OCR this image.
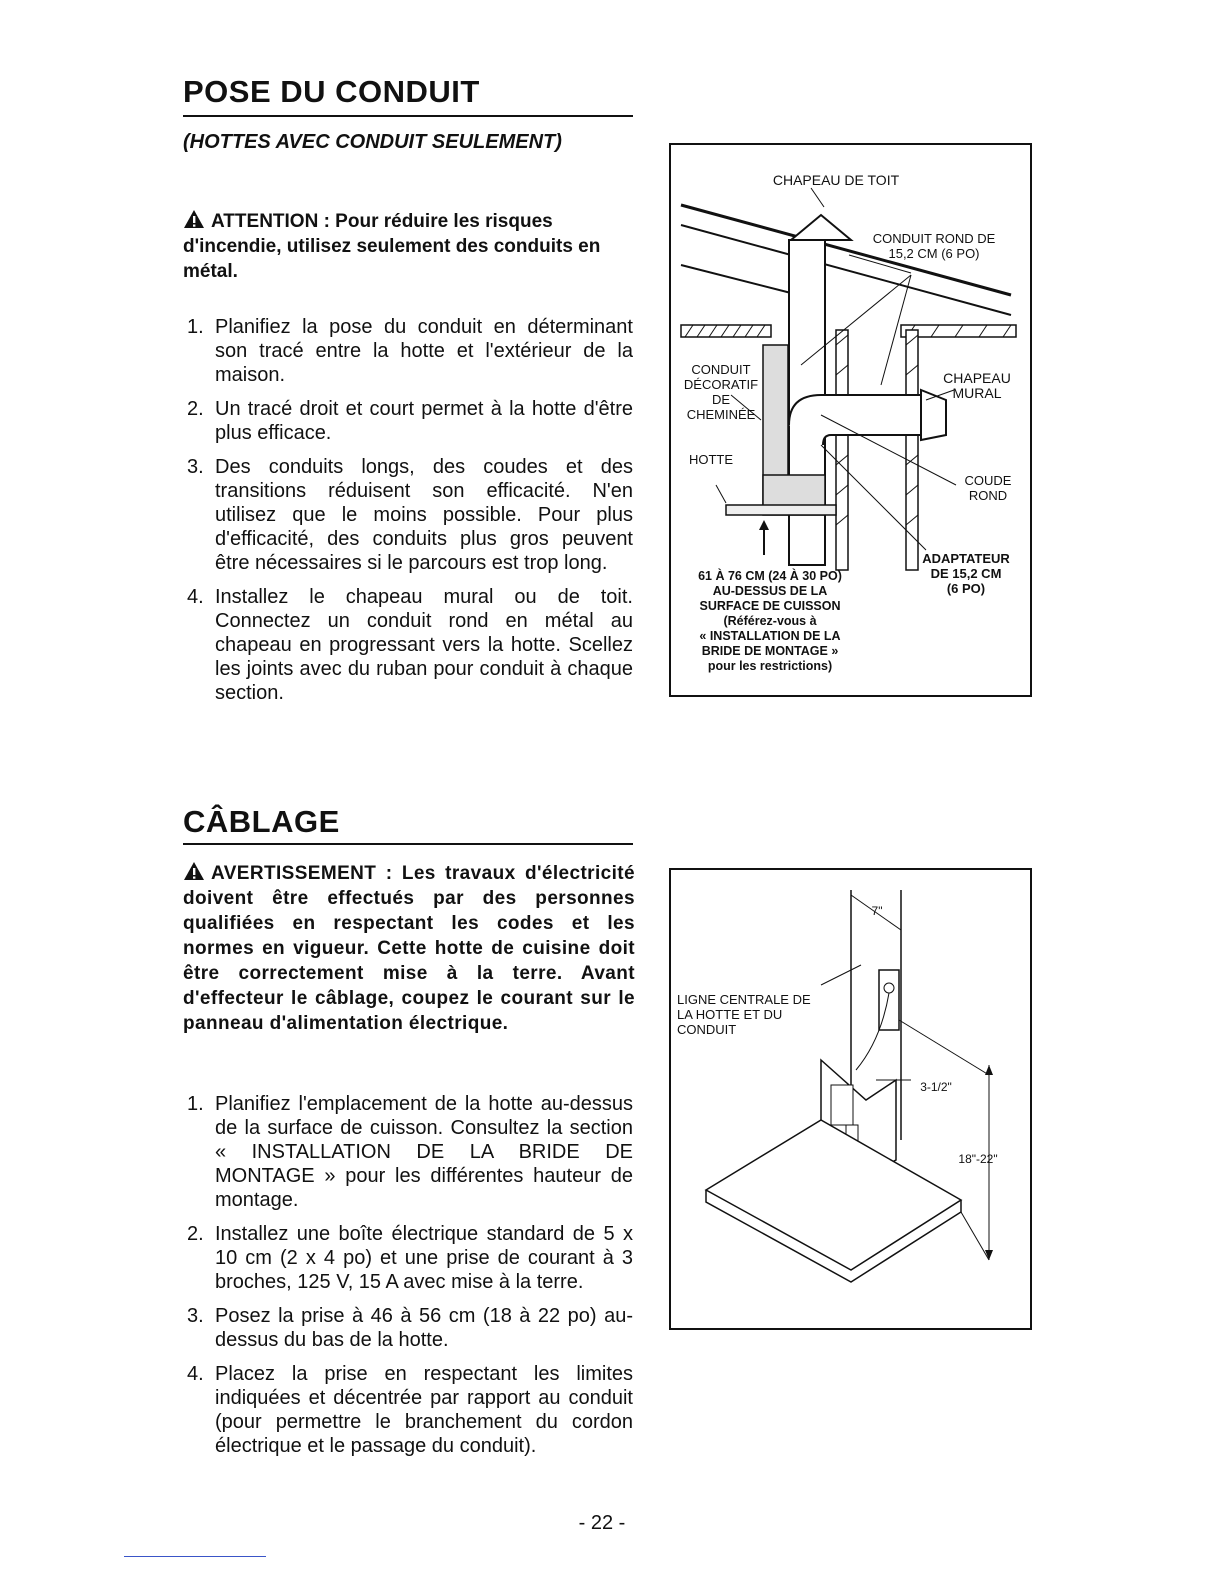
POSE DU CONDUIT
(HOTTES AVEC CONDUIT SEULEMENT)
ATTENTION : Pour réduire les risques d'incendie, utilisez seulement des conduits en métal.
1. Planifiez la pose du conduit en déterminant son tracé entre la hotte et l'extérieur de la maison.
2. Un tracé droit et court permet à la hotte d'être plus efficace.
3. Des conduits longs, des coudes et des transitions réduisent son efficacité. N'en utilisez que le moins possible. Pour plus d'efficacité, des conduits plus gros peuvent être nécessaires si le parcours est trop long.
4. Installez le chapeau mural ou de toit. Connectez un conduit rond en métal au chapeau en progressant vers la hotte. Scellez les joints avec du ruban pour conduit à chaque section.
CHAPEAU DE TOIT
CONDUIT ROND DE
15,2 CM (6 PO)
CONDUIT
DÉCORATIF
DE
CHEMINÉE
CHAPEAU
MURAL
HOTTE
COUDE
ROND
ADAPTATEUR
DE 15,2 CM
(6 PO)
61 À 76 CM (24 À 30 PO)
AU-DESSUS DE LA
SURFACE DE CUISSON
(Référez-vous à
« INSTALLATION DE LA
BRIDE DE MONTAGE »
pour les restrictions)
CÂBLAGE
AVERTISSEMENT : Les travaux d'électricité doivent être effectués par des personnes qualifiées en respectant les codes et les normes en vigueur. Cette hotte de cuisine doit être correctement mise à la terre. Avant d'effecteur le câblage, coupez le courant sur le panneau d'alimentation électrique.
1. Planifiez l'emplacement de la hotte au-dessus de la surface de cuisson. Consultez la section « INSTALLATION DE LA BRIDE DE MONTAGE » pour les différentes hauteur de montage.
2. Installez une boîte électrique standard de 5 x 10 cm (2 x 4 po) et une prise de courant à 3 broches, 125 V, 15 A avec mise à la terre.
3. Posez la prise à 46 à 56 cm (18 à 22 po) au-dessus du bas de la hotte.
4. Placez la prise en respectant les limites indiquées et décentrée par rapport au conduit (pour permettre le branchement du cordon électrique et le passage du conduit).
LIGNE CENTRALE DE
LA HOTTE ET DU
CONDUIT
7"
3-1/2"
18"-22"
- 22 -
